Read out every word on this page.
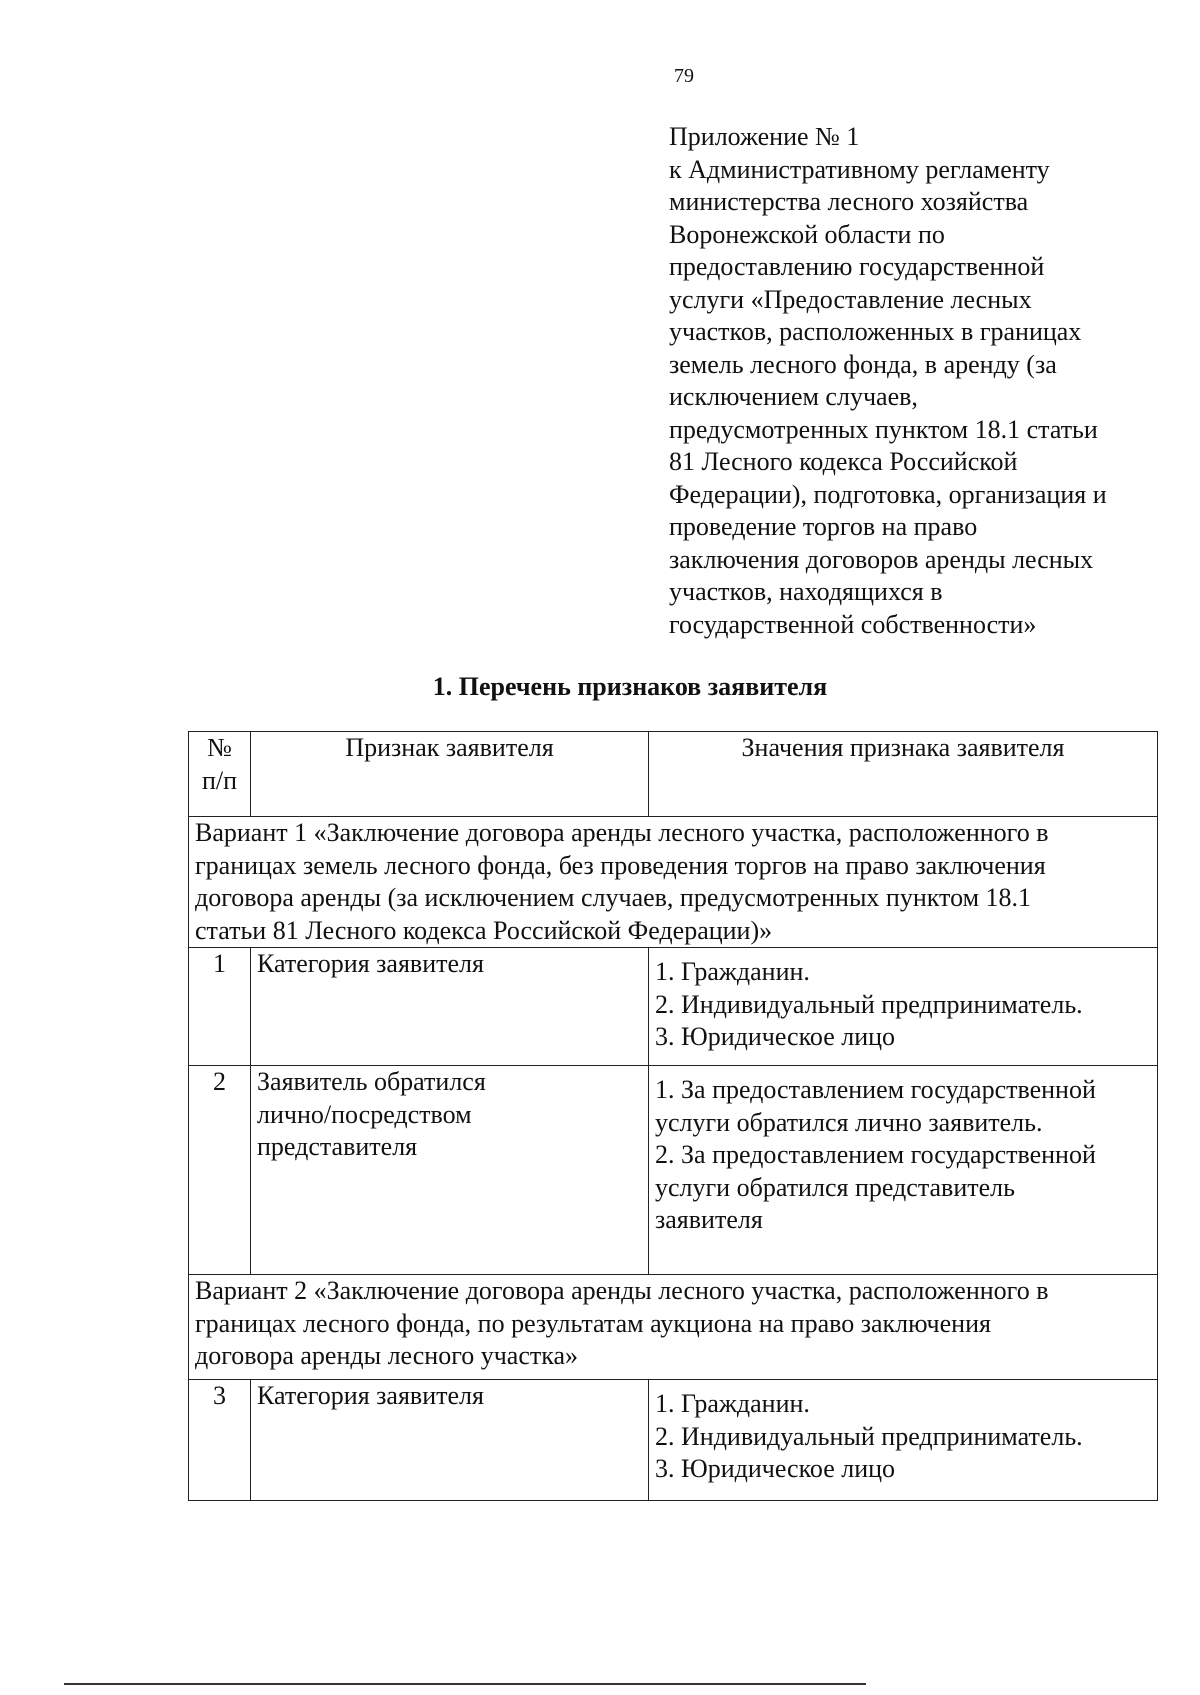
79
Приложение № 1
к Административному регламенту
министерства лесного хозяйства
Воронежской области по
предоставлению государственной
услуги «Предоставление лесных
участков, расположенных в границах
земель лесного фонда, в аренду (за
исключением случаев,
предусмотренных пунктом 18.1 статьи
81 Лесного кодекса Российской
Федерации), подготовка, организация и
проведение торгов на право
заключения договоров аренды лесных
участков, находящихся в
государственной собственности»
1. Перечень признаков заявителя
№
п/п	Признак заявителя	Значения признака заявителя

Вариант 1 «Заключение договора аренды лесного участка, расположенного в
границах земель лесного фонда, без проведения торгов на право заключения
договора аренды (за исключением случаев, предусмотренных пунктом 18.1
статьи 81 Лесного кодекса Российской Федерации)»		

1	Категория заявителя	1. Гражданин.
2. Индивидуальный предприниматель.
3. Юридическое лицо

2	Заявитель обратился
лично/посредством
представителя	1. За предоставлением государственной
услуги обратился лично заявитель.
2. За предоставлением государственной
услуги обратился представитель
заявителя

Вариант 2 «Заключение договора аренды лесного участка, расположенного в
границах лесного фонда, по результатам аукциона на право заключения
договора аренды лесного участка»		

3	Категория заявителя	1. Гражданин.
2. Индивидуальный предприниматель.
3. Юридическое лицо
